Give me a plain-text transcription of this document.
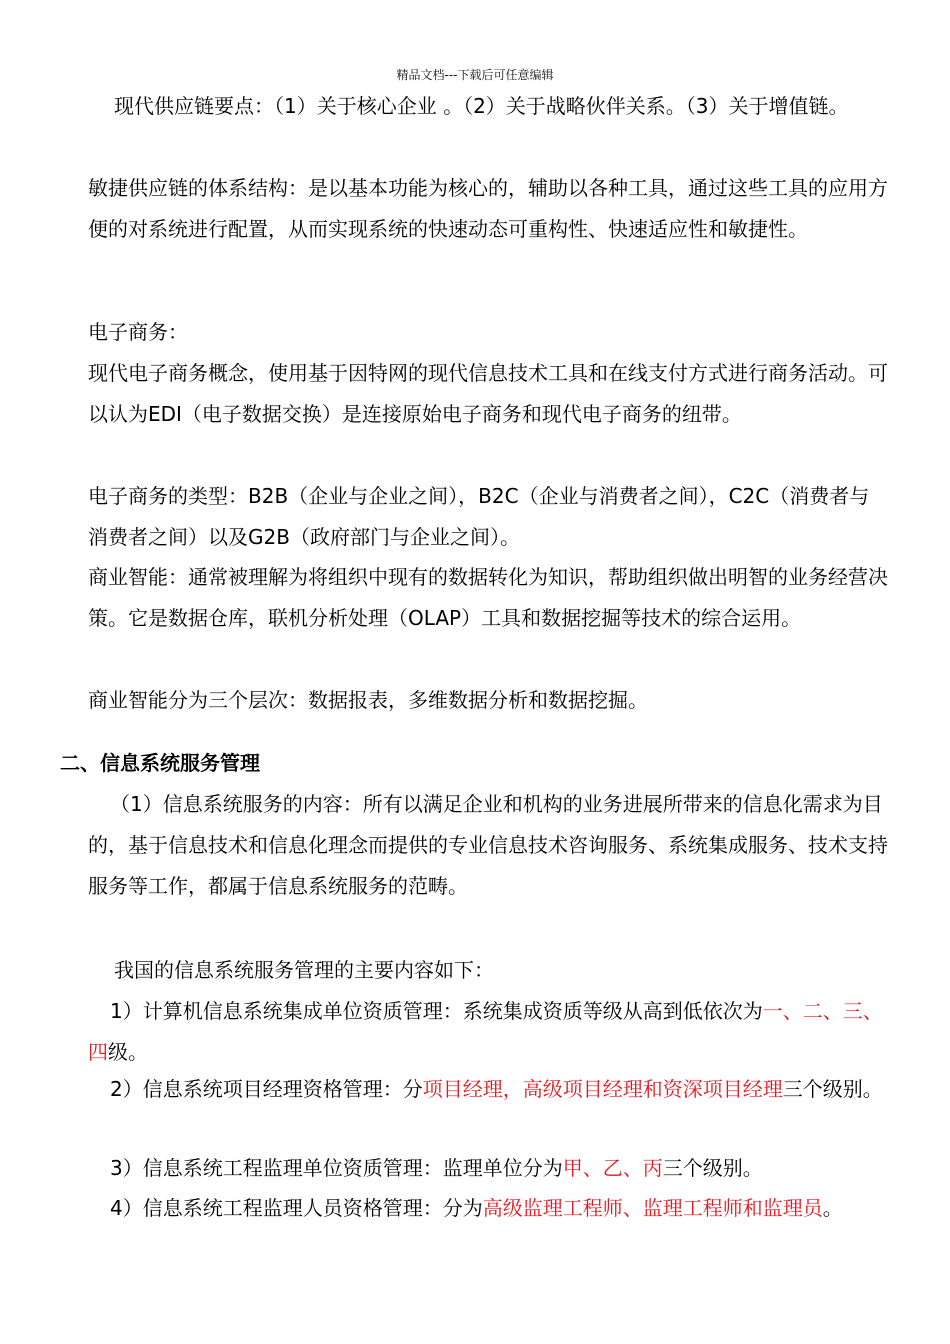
精品文档---下载后可任意编辑

现代供应链要点：（1）关于核心企业 。（2）关于战略伙伴关系。（3）关于增值链。

敏捷供应链的体系结构：是以基本功能为核心的，辅助以各种工具，通过这些工具的应用方便的对系统进行配置，从而实现系统的快速动态可重构性、快速适应性和敏捷性。

电子商务：

现代电子商务概念，使用基于因特网的现代信息技术工具和在线支付方式进行商务活动。可以认为EDI（电子数据交换）是连接原始电子商务和现代电子商务的纽带。

电子商务的类型：B2B（企业与企业之间），B2C（企业与消费者之间），C2C（消费者与消费者之间）以及G2B（政府部门与企业之间）。

商业智能：通常被理解为将组织中现有的数据转化为知识，帮助组织做出明智的业务经营决策。它是数据仓库，联机分析处理（OLAP）工具和数据挖掘等技术的综合运用。

商业智能分为三个层次：数据报表，多维数据分析和数据挖掘。

二、信息系统服务管理

（1）信息系统服务的内容：所有以满足企业和机构的业务进展所带来的信息化需求为目的，基于信息技术和信息化理念而提供的专业信息技术咨询服务、系统集成服务、技术支持服务等工作，都属于信息系统服务的范畴。

我国的信息系统服务管理的主要内容如下：

1）计算机信息系统集成单位资质管理：系统集成资质等级从高到低依次为一、二、三、四级。

2）信息系统项目经理资格管理：分项目经理，高级项目经理和资深项目经理三个级别。

3）信息系统工程监理单位资质管理：监理单位分为甲、乙、丙三个级别。

4）信息系统工程监理人员资格管理：分为高级监理工程师、监理工程师和监理员。
